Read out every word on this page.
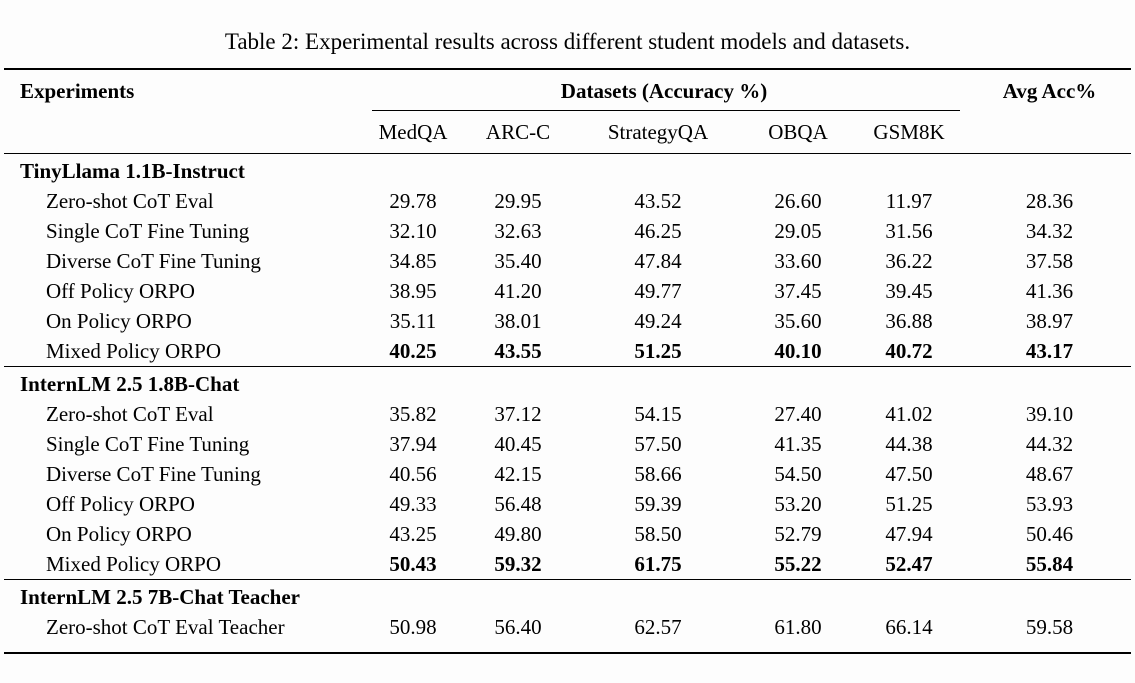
Table 2: Experimental results across different student models and datasets.
Experiments	Datasets (Accuracy %)					Avg Acc%
	MedQA	ARC-C	StrategyQA	OBQA	GSM8K	
TinyLlama 1.1B-Instruct						
Zero-shot CoT Eval	29.78	29.95	43.52	26.60	11.97	28.36
Single CoT Fine Tuning	32.10	32.63	46.25	29.05	31.56	34.32
Diverse CoT Fine Tuning	34.85	35.40	47.84	33.60	36.22	37.58
Off Policy ORPO	38.95	41.20	49.77	37.45	39.45	41.36
On Policy ORPO	35.11	38.01	49.24	35.60	36.88	38.97
Mixed Policy ORPO	40.25	43.55	51.25	40.10	40.72	43.17
InternLM 2.5 1.8B-Chat						
Zero-shot CoT Eval	35.82	37.12	54.15	27.40	41.02	39.10
Single CoT Fine Tuning	37.94	40.45	57.50	41.35	44.38	44.32
Diverse CoT Fine Tuning	40.56	42.15	58.66	54.50	47.50	48.67
Off Policy ORPO	49.33	56.48	59.39	53.20	51.25	53.93
On Policy ORPO	43.25	49.80	58.50	52.79	47.94	50.46
Mixed Policy ORPO	50.43	59.32	61.75	55.22	52.47	55.84
InternLM 2.5 7B-Chat Teacher						
Zero-shot CoT Eval Teacher	50.98	56.40	62.57	61.80	66.14	59.58
